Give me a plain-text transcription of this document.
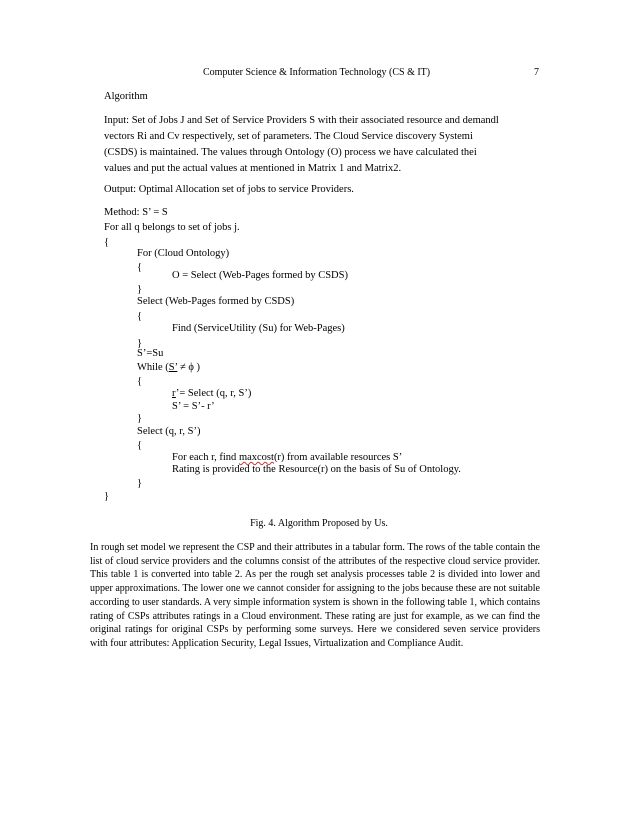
Computer Science & Information Technology (CS & IT)	7
Algorithm
Input: Set of Jobs J and Set of Service Providers S with their associated resource and demandl
vectors Ri and Cv respectively, set of parameters. The Cloud Service discovery Systemi
(CSDS) is maintained. The values through Ontology (O) process we have calculated thei
values and put the actual values at mentioned in Matrix 1 and Matrix2.
Output: Optimal Allocation set of jobs to service Providers.
Method: S’ = S
For all q belongs to set of jobs j.
{
For (Cloud Ontology)
{
O = Select (Web-Pages formed by CSDS)
}
Select (Web-Pages formed by CSDS)
{
Find (ServiceUtility (Su) for Web-Pages)
}
S’=Su
While (S’ ≠ ϕ )
{
r’= Select (q, r, S’)
S’ = S’- r’
}
Select (q, r, S’)
{
For each r, find maxcost(r) from available resources S’
Rating is provided to the Resource(r) on the basis of Su of Ontology.
}
}
Fig. 4. Algorithm Proposed by Us.

In rough set model we represent the CSP and their attributes in a tabular form. The rows of the table contain the list of cloud service providers and the columns consist of the attributes of the respective cloud service provider. This table 1 is converted into table 2. As per the rough set analysis processes table 2 is divided into lower and upper approximations. The lower one we cannot consider for assigning to the jobs because these are not suitable according to user standards. A very simple information system is shown in the following table 1, which contains rating of CSPs attributes ratings in a Cloud environment. These rating are just for example, as we can find the original ratings for original CSPs by performing some surveys. Here we considered seven service providers with four attributes: Application Security, Legal Issues, Virtualization and Compliance Audit.
